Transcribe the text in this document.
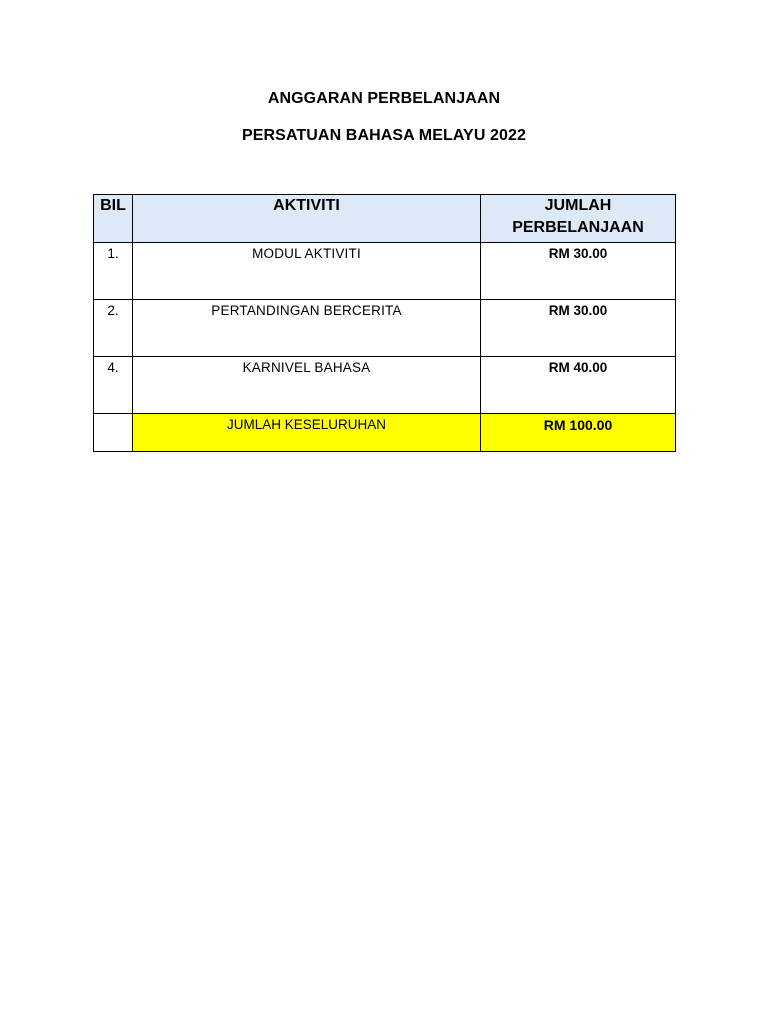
ANGGARAN PERBELANJAAN
PERSATUAN BAHASA MELAYU 2022
BIL	AKTIVITI	JUMLAH PERBELANJAAN
1.	MODUL AKTIVITI	RM 30.00
2.	PERTANDINGAN BERCERITA	RM 30.00
4.	KARNIVEL BAHASA	RM 40.00
	JUMLAH KESELURUHAN	RM 100.00
